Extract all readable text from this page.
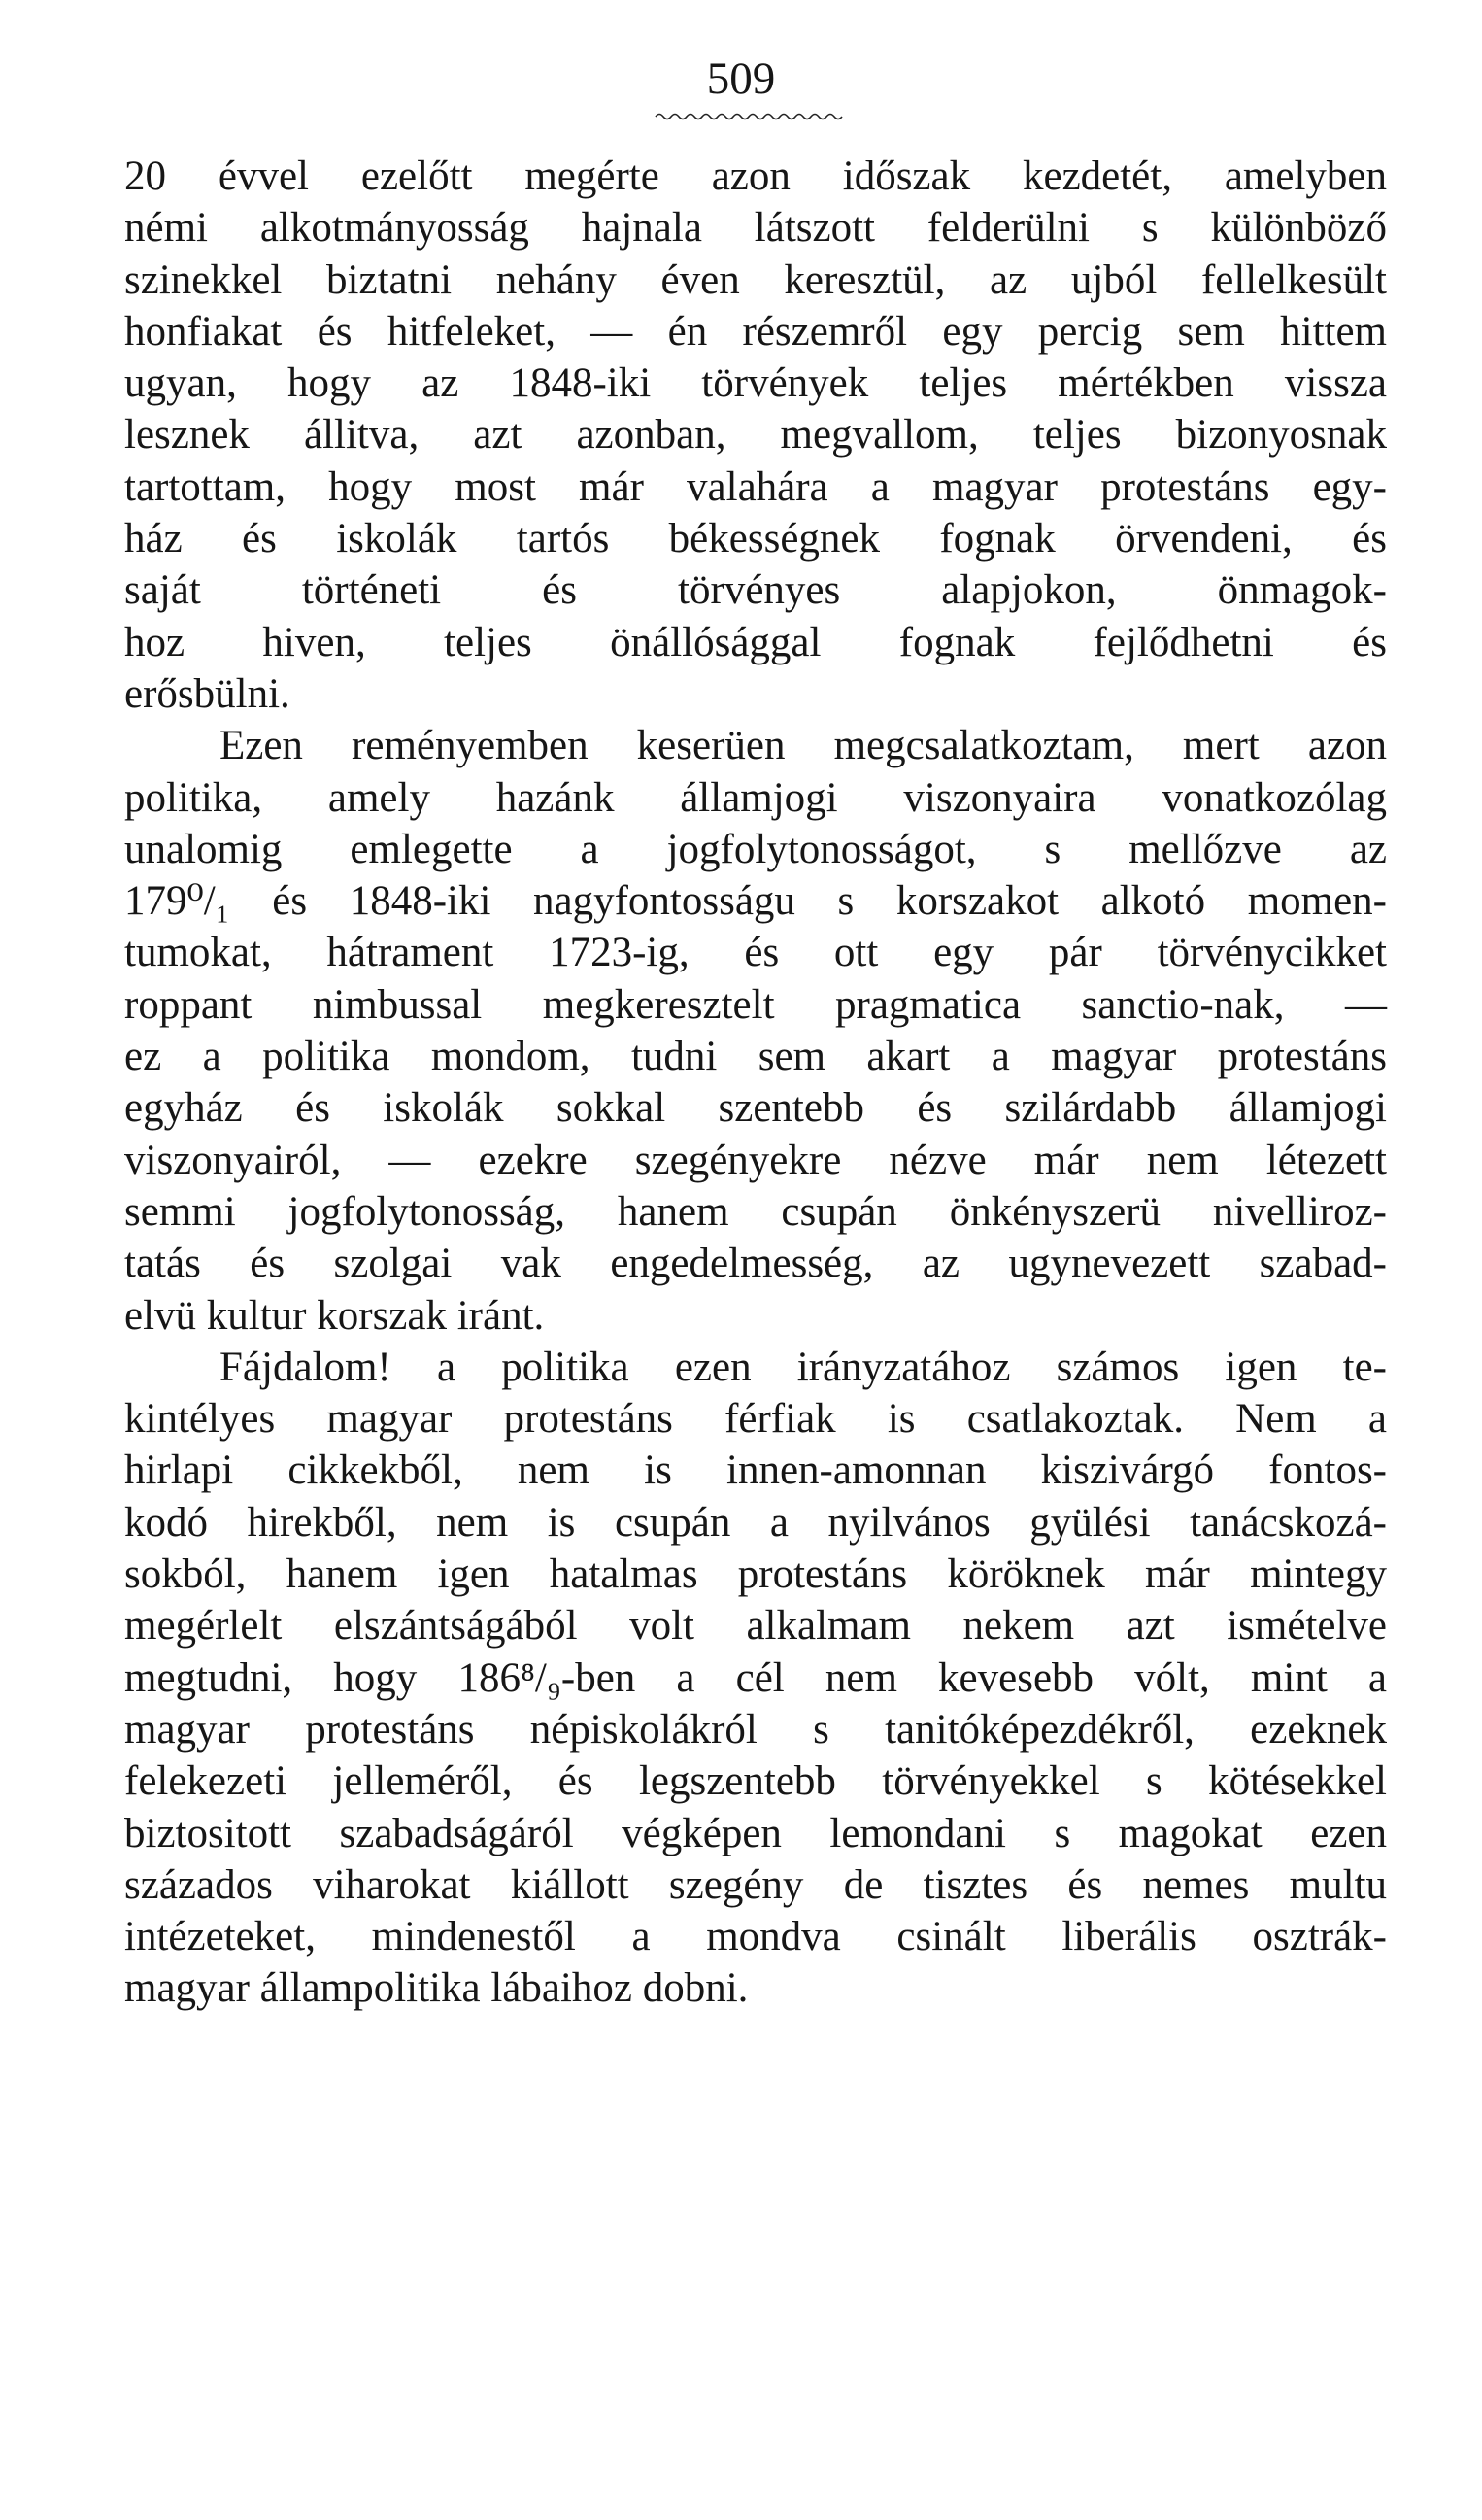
509
20 évvel ezelőtt megérte azon időszak kezdetét, amelyben
némi alkotmányosság hajnala látszott felderülni s különböző
szinekkel biztatni nehány éven keresztül, az ujból fellelkesült
honfiakat és hitfeleket, — én részemről egy percig sem hittem
ugyan, hogy az 1848-iki törvények teljes mértékben vissza
lesznek állitva, azt azonban, megvallom, teljes bizonyosnak
tartottam, hogy most már valahára a magyar protestáns egy-
ház és iskolák tartós békességnek fognak örvendeni, és
saját történeti és törvényes alapjokon, önmagok-
hoz hiven, teljes önállósággal fognak fejlődhetni és
erősbülni.
Ezen reményemben keserüen megcsalatkoztam, mert azon
politika, amely hazánk államjogi viszonyaira vonatkozólag
unalomig emlegette a jogfolytonosságot, s mellőzve az
179⁰/₁ és 1848-iki nagyfontosságu s korszakot alkotó momen-
tumokat, hátrament 1723-ig, és ott egy pár törvénycikket
roppant nimbussal megkeresztelt pragmatica sanctio-nak, —
ez a politika mondom, tudni sem akart a magyar protestáns
egyház és iskolák sokkal szentebb és szilárdabb államjogi
viszonyairól, — ezekre szegényekre nézve már nem létezett
semmi jogfolytonosság, hanem csupán önkényszerü nivelliroz-
tatás és szolgai vak engedelmesség, az ugynevezett szabad-
elvü kultur korszak iránt.
Fájdalom! a politika ezen irányzatához számos igen te-
kintélyes magyar protestáns férfiak is csatlakoztak. Nem a
hirlapi cikkekből, nem is innen-amonnan kiszivárgó fontos-
kodó hirekből, nem is csupán a nyilvános gyülési tanácskozá-
sokból, hanem igen hatalmas protestáns köröknek már mintegy
megérlelt elszántságából volt alkalmam nekem azt ismételve
megtudni, hogy 186⁸/₉-ben a cél nem kevesebb vólt, mint a
magyar protestáns népiskolákról s tanitóképezdékről, ezeknek
felekezeti jelleméről, és legszentebb törvényekkel s kötésekkel
biztositott szabadságáról végképen lemondani s magokat ezen
százados viharokat kiállott szegény de tisztes és nemes multu
intézeteket, mindenestől a mondva csinált liberális osztrák-
magyar állampolitika lábaihoz dobni.
